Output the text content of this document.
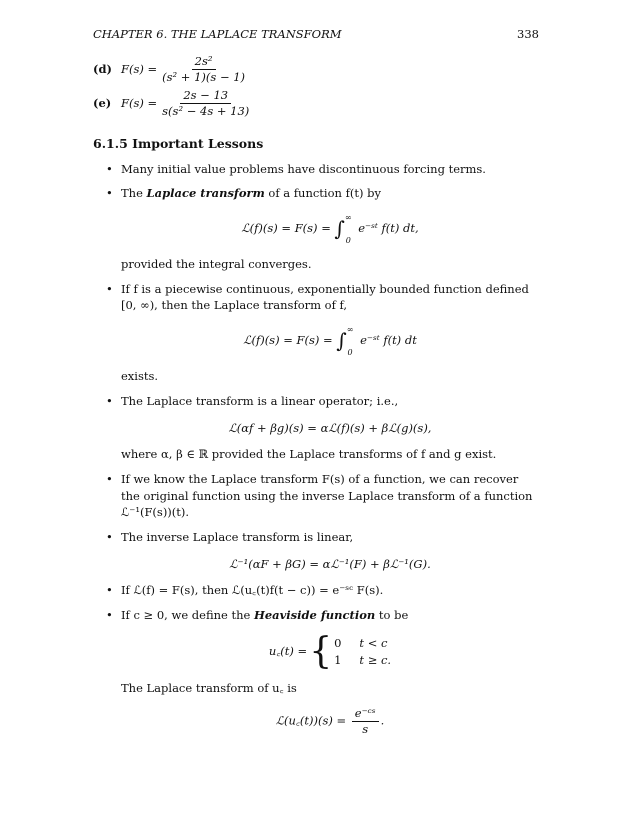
CHAPTER 6. THE LAPLACE TRANSFORM	338
(d) $F(s) = \frac{\text{2s²}}{\text{(s² + 1)(s − 1)}}$
(e) $F(s) = \frac{2s - 13}{\text{s(s² − 4s + 13)}}$
6.1.5 Important Lessons
• Many initial value problems have discontinuous forcing terms.
• The Laplace transform of a function f(t) by
ℒ(f)(s) = F(s) = ∫ ∞
0
e⁻ˢᵗ f(t) dt,
provided the integral converges.
• If f is a piecewise continuous, exponentially bounded function defined [0, ∞), then the Laplace transform of f,
ℒ(f)(s) = F(s) = ∫ ∞
0
e⁻ˢᵗ f(t) dt
exists.
• The Laplace transform is a linear operator; i.e.,
ℒ(αf + βg)(s) = αℒ(f)(s) + βℒ(g)(s),
where α, β ∈ ℝ provided the Laplace transforms of f and g exist.
• If we know the Laplace transform F(s) of a function, we can recover the original function using the inverse Laplace transform of a function ℒ⁻¹(F(s))(t).
• The inverse Laplace transform is linear,
ℒ⁻¹(αF + βG) = αℒ⁻¹(F) + βℒ⁻¹(G).
• If ℒ(f) = F(s), then ℒ(u꜀(t)f(t − c)) = e⁻ˢᶜ F(s).
• If c ≥ 0, we define the Heaviside function to be
u꜀(t) = { 0 t < c
1 t ≥ c.
The Laplace transform of u꜀ is
ℒ(u꜀(t))(s) = $\frac{\text{e⁻ᶜˢ}}{s}$ .
